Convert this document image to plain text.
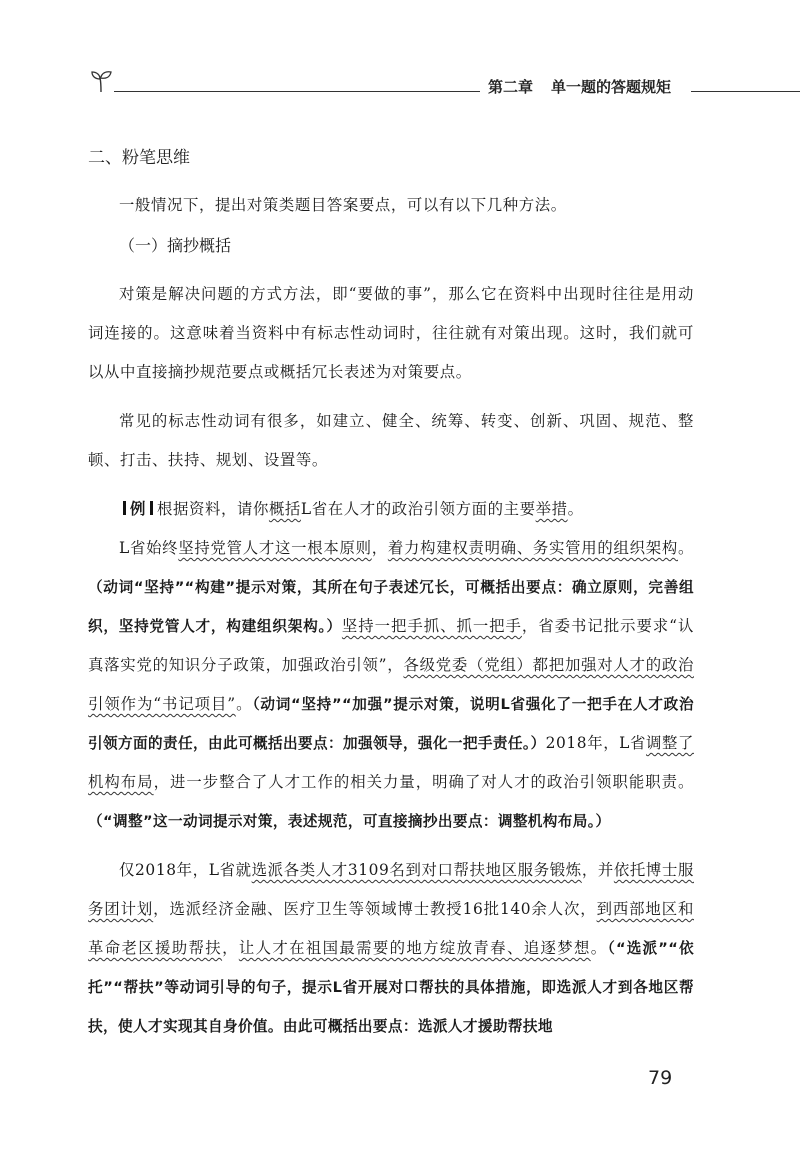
第二章 单一题的答题规矩

二、粉笔思维

一般情况下，提出对策类题目答案要点，可以有以下几种方法。

（一）摘抄概括

对策是解决问题的方式方法，即“要做的事”，那么它在资料中出现时往往是用动词连接的。这意味着当资料中有标志性动词时，往往就有对策出现。这时，我们就可以从中直接摘抄规范要点或概括冗长表述为对策要点。

常见的标志性动词有很多，如建立、健全、统筹、转变、创新、巩固、规范、整顿、打击、扶持、规划、设置等。

例 根据资料，请你概括L省在人才的政治引领方面的主要举措。

L省始终坚持党管人才这一根本原则，着力构建权责明确、务实管用的组织架构。（动词“坚持”“构建”提示对策，其所在句子表述冗长，可概括出要点：确立原则，完善组织，坚持党管人才，构建组织架构。）坚持一把手抓、抓一把手，省委书记批示要求“认真落实党的知识分子政策，加强政治引领”，各级党委（党组）都把加强对人才的政治引领作为“书记项目”。（动词“坚持”“加强”提示对策，说明L省强化了一把手在人才政治引领方面的责任，由此可概括出要点：加强领导，强化一把手责任。）2018年，L省调整了机构布局，进一步整合了人才工作的相关力量，明确了对人才的政治引领职能职责。（“调整”这一动词提示对策，表述规范，可直接摘抄出要点：调整机构布局。）

仅2018年，L省就选派各类人才3109名到对口帮扶地区服务锻炼，并依托博士服务团计划，选派经济金融、医疗卫生等领域博士教授16批140余人次，到西部地区和革命老区援助帮扶，让人才在祖国最需要的地方绽放青春、追逐梦想。（“选派”“依托”“帮扶”等动词引导的句子，提示L省开展对口帮扶的具体措施，即选派人才到各地区帮扶，使人才实现其自身价值。由此可概括出要点：选派人才援助帮扶地

79
